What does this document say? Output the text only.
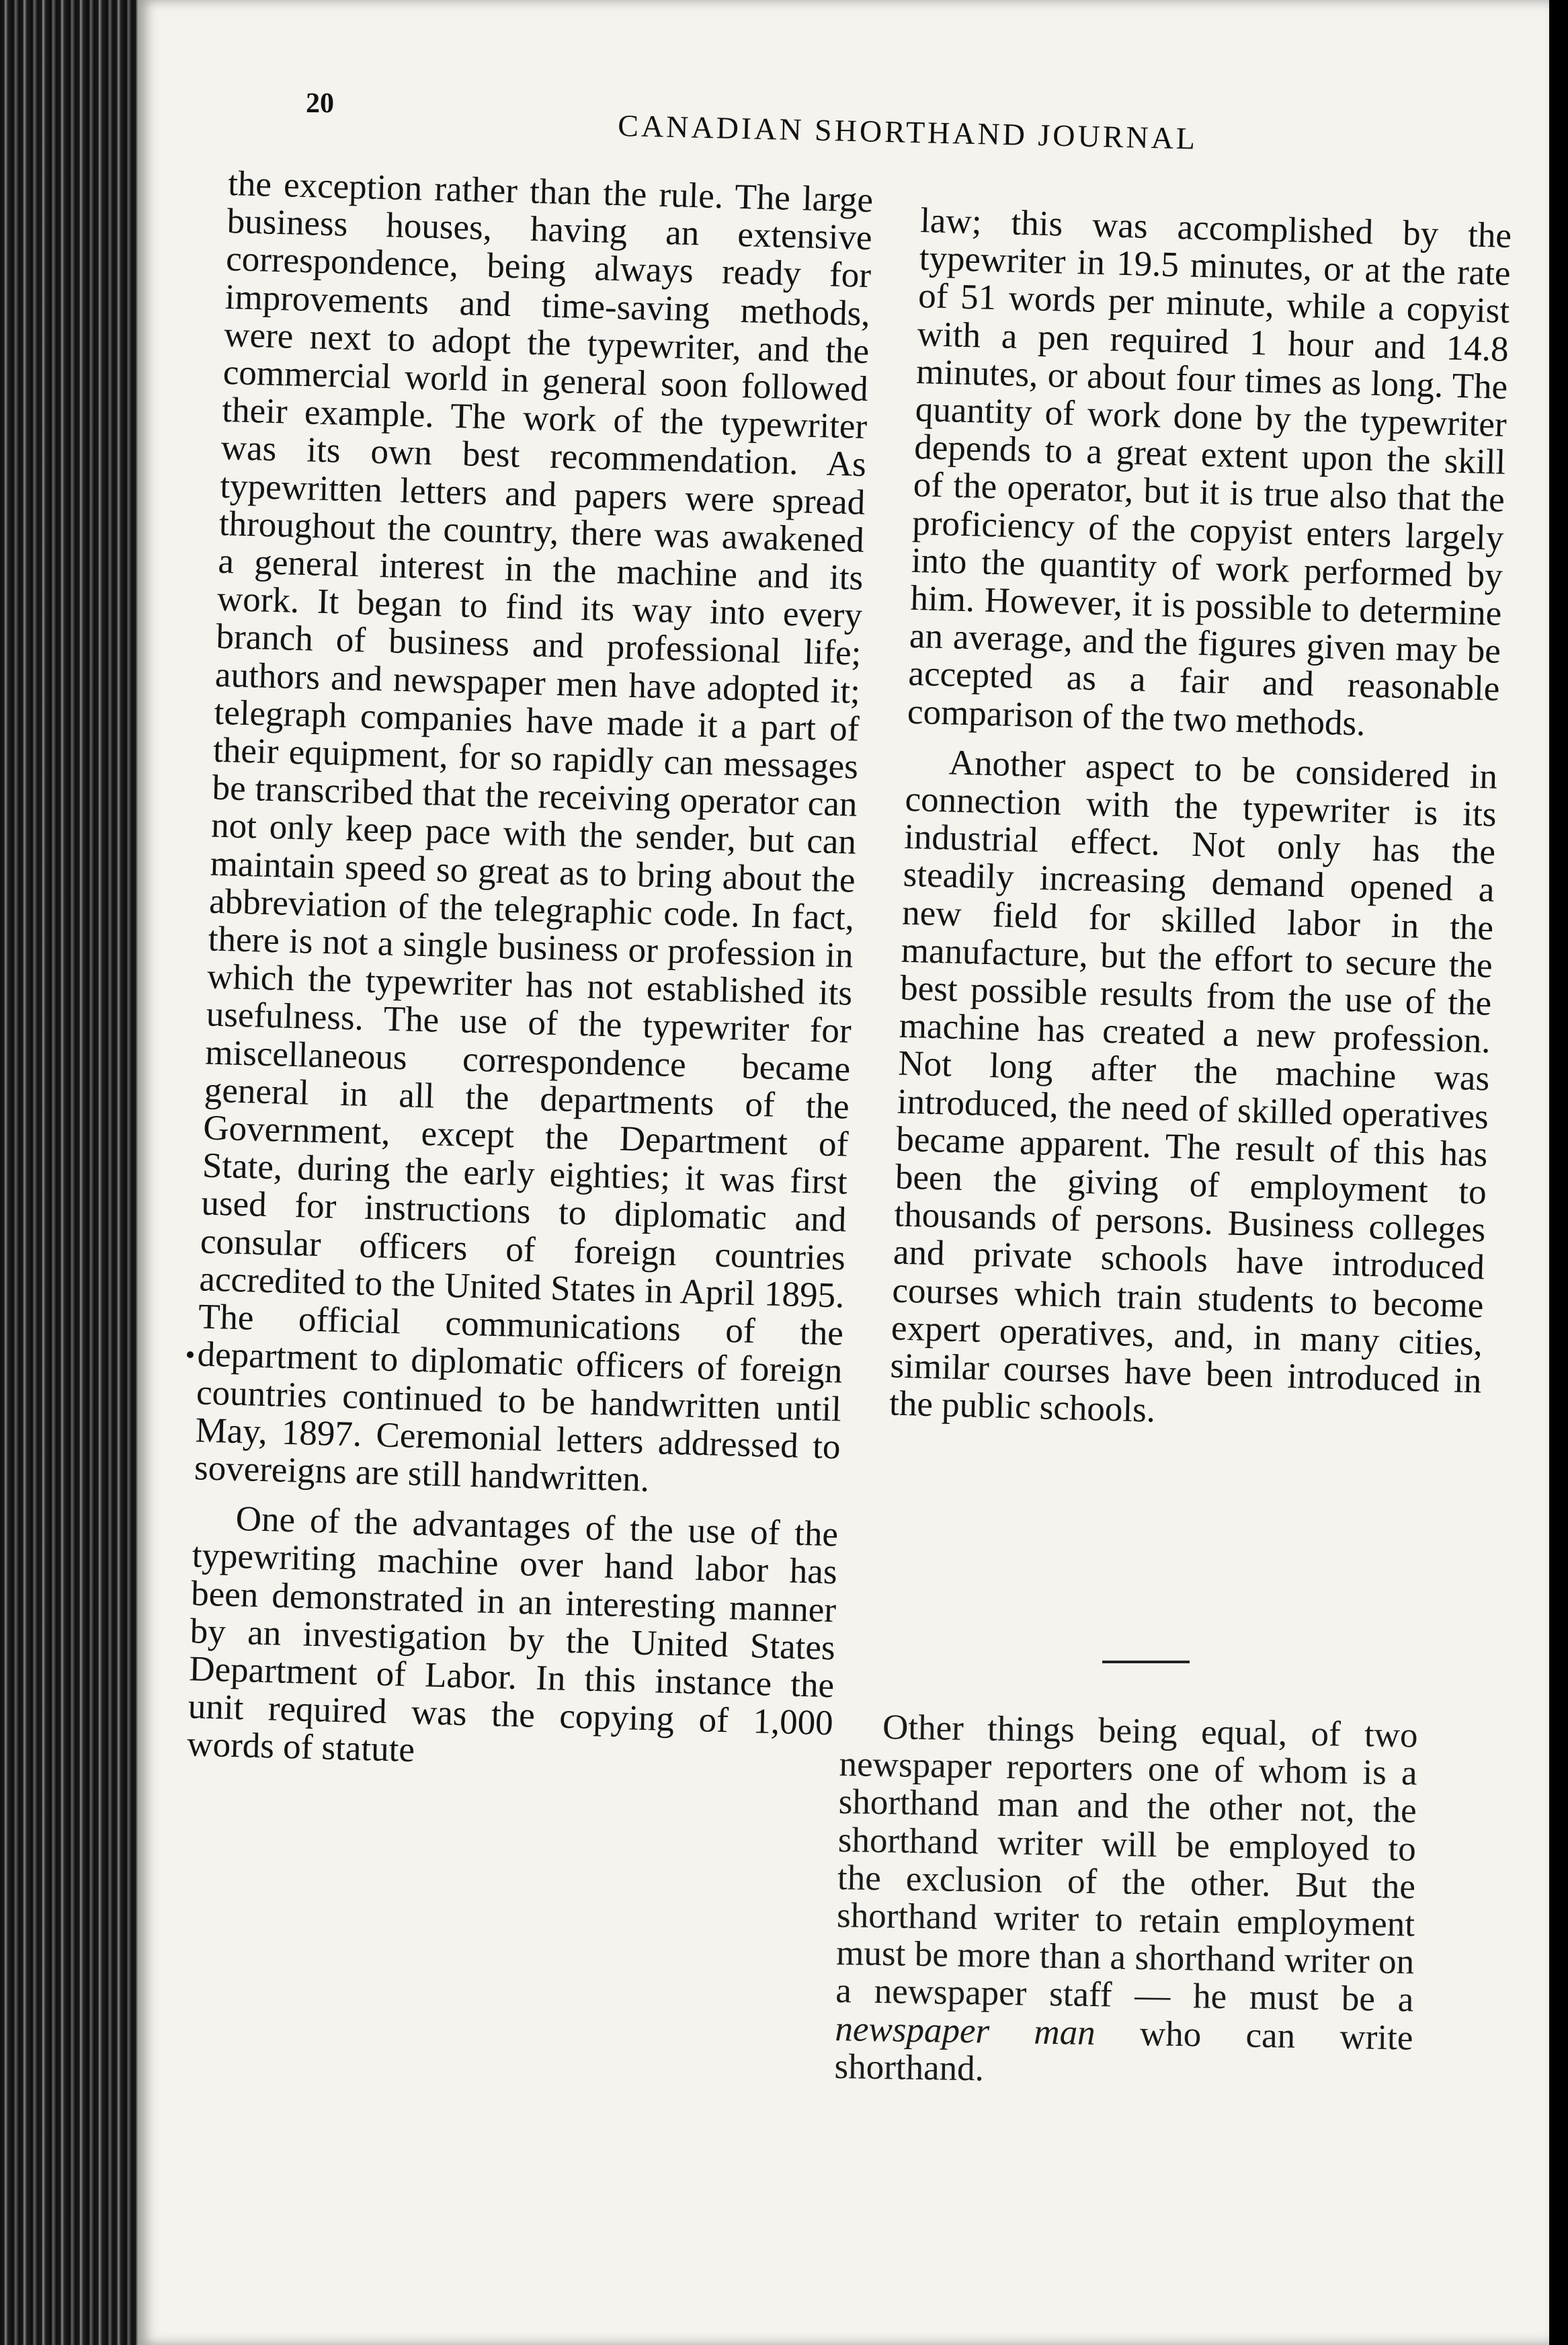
20
CANADIAN SHORTHAND JOURNAL

the exception rather than the rule. The large business houses, having an extensive correspondence, being always ready for improvements and time-saving methods, were next to adopt the typewriter, and the commercial world in general soon followed their example. The work of the typewriter was its own best recommendation. As typewritten letters and papers were spread throughout the country, there was awakened a general interest in the machine and its work. It began to find its way into every branch of business and professional life; authors and newspaper men have adopted it; telegraph companies have made it a part of their equipment, for so rapidly can messages be transcribed that the receiving operator can not only keep pace with the sender, but can maintain speed so great as to bring about the abbreviation of the telegraphic code. In fact, there is not a single business or profession in which the typewriter has not established its usefulness. The use of the typewriter for miscellaneous correspondence became general in all the departments of the Government, except the Department of State, during the early eighties; it was first used for instructions to diplomatic and consular officers of foreign countries accredited to the United States in April 1895. The official communications of the department to diplomatic officers of foreign countries continued to be handwritten until May, 1897. Ceremonial letters addressed to sovereigns are still handwritten.

One of the advantages of the use of the typewriting machine over hand labor has been demonstrated in an interesting manner by an investigation by the United States Department of Labor. In this instance the unit required was the copying of 1,000 words of statute

law; this was accomplished by the typewriter in 19.5 minutes, or at the rate of 51 words per minute, while a copyist with a pen required 1 hour and 14.8 minutes, or about four times as long. The quantity of work done by the typewriter depends to a great extent upon the skill of the operator, but it is true also that the proficiency of the copyist enters largely into the quantity of work performed by him. However, it is possible to determine an average, and the figures given may be accepted as a fair and reasonable comparison of the two methods.

Another aspect to be considered in connection with the typewriter is its industrial effect. Not only has the steadily increasing demand opened a new field for skilled labor in the manufacture, but the effort to secure the best possible results from the use of the machine has created a new profession. Not long after the machine was introduced, the need of skilled operatives became apparent. The result of this has been the giving of employment to thousands of persons. Business colleges and private schools have introduced courses which train students to become expert operatives, and, in many cities, similar courses have been introduced in the public schools.

Other things being equal, of two newspaper reporters one of whom is a shorthand man and the other not, the shorthand writer will be employed to the exclusion of the other. But the shorthand writer to retain employment must be more than a shorthand writer on a newspaper staff — he must be a newspaper man who can write shorthand.
